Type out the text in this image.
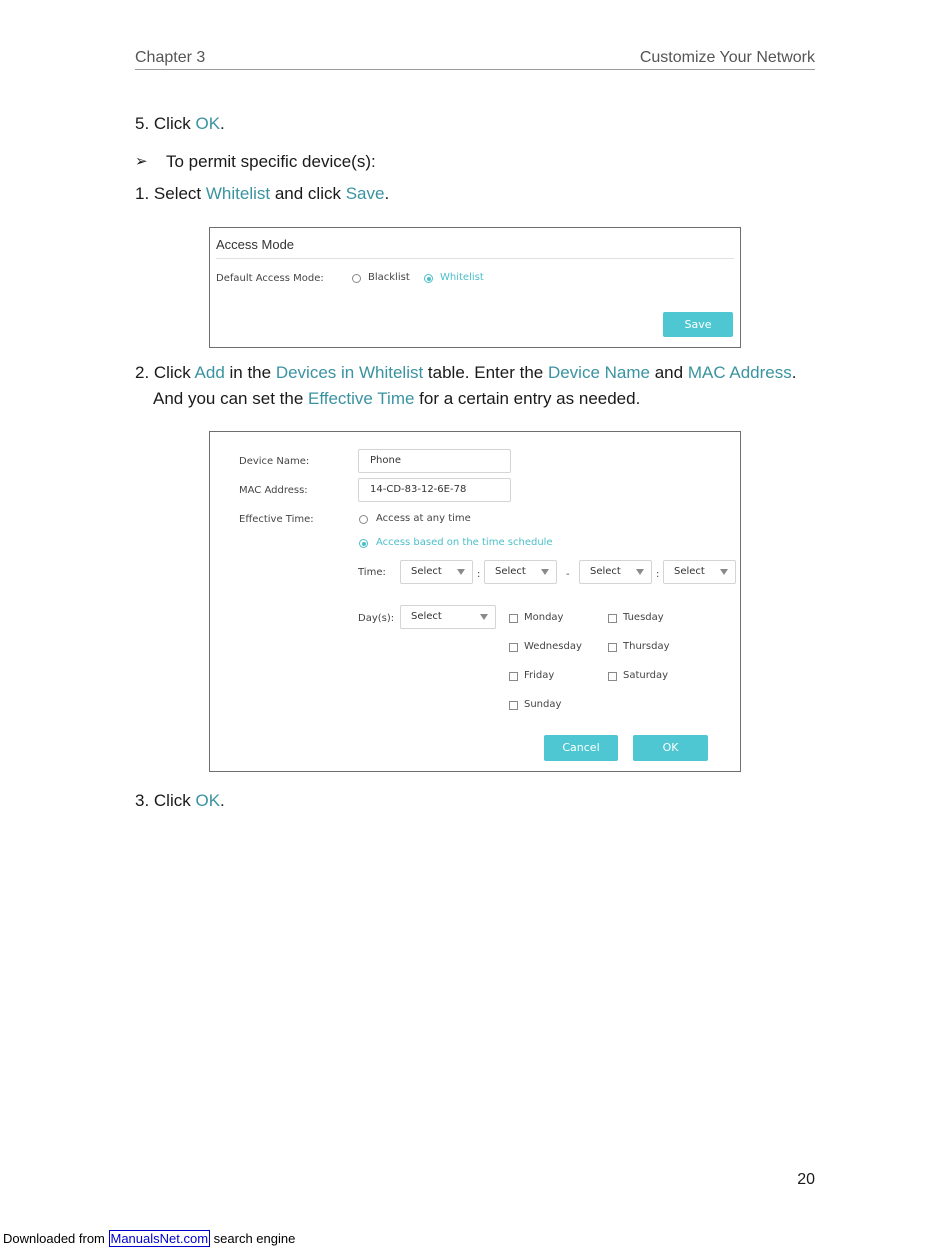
Chapter 3	Customize Your Network
5. Click OK.
➢ To permit specific device(s):
1. Select Whitelist and click Save.
Access Mode
Default Access Mode:	Blacklist	Whitelist
Save
2. Click Add in the Devices in Whitelist table. Enter the Device Name and MAC Address.
And you can set the Effective Time for a certain entry as needed.
Device Name:	Phone
MAC Address:	14-CD-83-12-6E-78
Effective Time:	Access at any time
Access based on the time schedule
Time:	Select	:	Select	-	Select	:	Select
Day(s):	Select	Monday	Tuesday
Wednesday	Thursday
Friday	Saturday
Sunday
Cancel	OK
3. Click OK.
20
Downloaded from ManualsNet.com search engine
